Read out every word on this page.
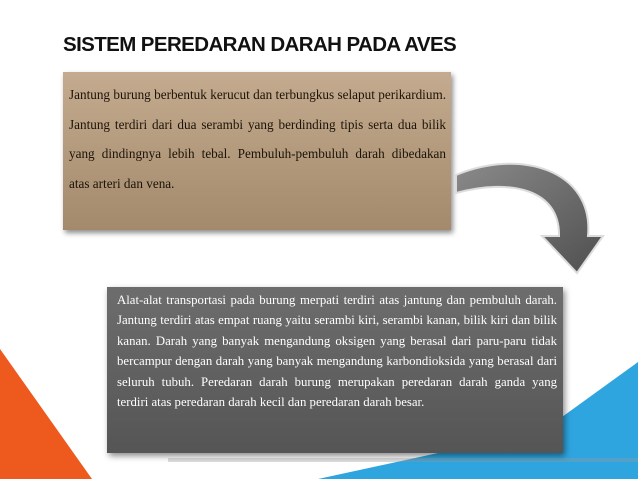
SISTEM PEREDARAN DARAH PADA AVES

Jantung burung berbentuk kerucut dan terbungkus selaput perikardium. Jantung terdiri dari dua serambi yang berdinding tipis serta dua bilik yang dindingnya lebih tebal. Pembuluh-pembuluh darah dibedakan atas arteri dan vena.

Alat-alat transportasi pada burung merpati terdiri atas jantung dan pembuluh darah. Jantung terdiri atas empat ruang yaitu serambi kiri, serambi kanan, bilik kiri dan bilik kanan. Darah yang banyak mengandung oksigen yang berasal dari paru-paru tidak bercampur dengan darah yang banyak mengandung karbondioksida yang berasal dari seluruh tubuh. Peredaran darah burung merupakan peredaran darah ganda yang terdiri atas peredaran darah kecil dan peredaran darah besar.
